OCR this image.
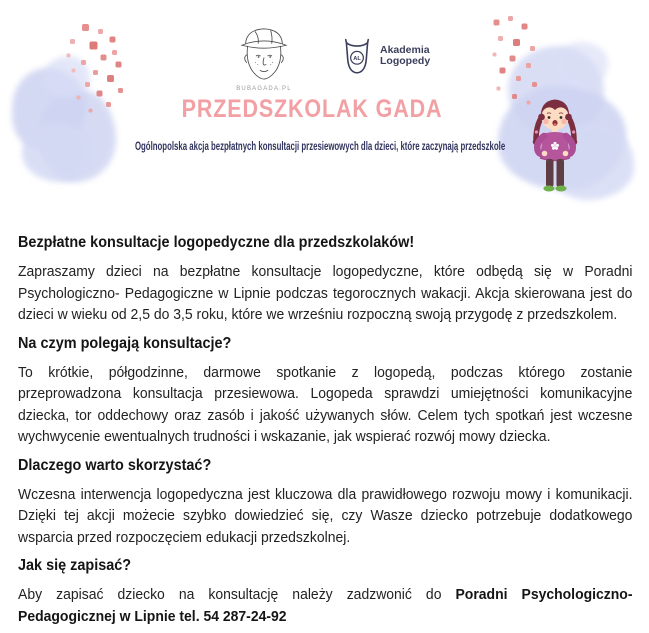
BUBAGADA.PL
AL
Akademia
Logopedy
PRZEDSZKOLAK GADA

Ogólnopolska akcja bezpłatnych konsultacji przesiewowych dla dzieci, które zaczynają przedszkole

Bezpłatne konsultacje logopedyczne dla przedszkolaków!

Zapraszamy dzieci na bezpłatne konsultacje logopedyczne, które odbędą się w Poradni Psychologiczno- Pedagogiczne w Lipnie podczas tegorocznych wakacji. Akcja skierowana jest do dzieci w wieku od 2,5 do 3,5 roku, które we wrześniu rozpoczną swoją przygodę z przedszkolem.

Na czym polegają konsultacje?

To krótkie, półgodzinne, darmowe spotkanie z logopedą, podczas którego zostanie przeprowadzona konsultacja przesiewowa. Logopeda sprawdzi umiejętności komunikacyjne dziecka, tor oddechowy oraz zasób i jakość używanych słów. Celem tych spotkań jest wczesne wychwycenie ewentualnych trudności i wskazanie, jak wspierać rozwój mowy dziecka.

Dlaczego warto skorzystać?

Wczesna interwencja logopedyczna jest kluczowa dla prawidłowego rozwoju mowy i komunikacji. Dzięki tej akcji możecie szybko dowiedzieć się, czy Wasze dziecko potrzebuje dodatkowego wsparcia przed rozpoczęciem edukacji przedszkolnej.

Jak się zapisać?

Aby zapisać dziecko na konsultację należy zadzwonić do Poradni Psychologiczno- Pedagogicznej w Lipnie tel. 54 287-24-92
